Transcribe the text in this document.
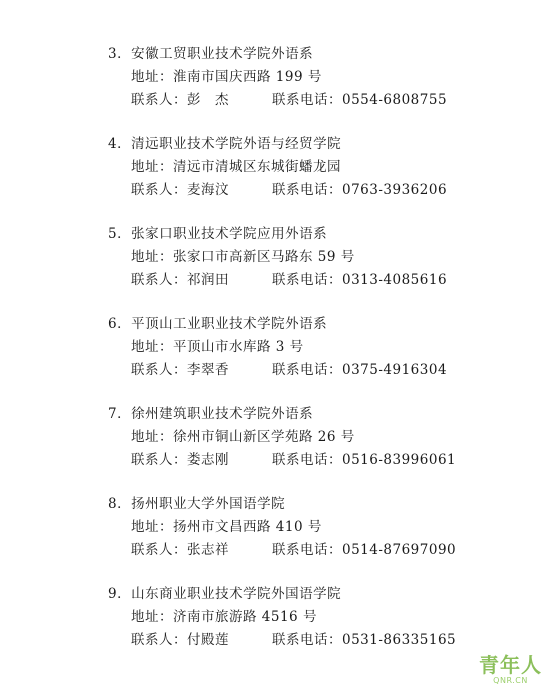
3．安徽工贸职业技术学院外语系
地址：淮南市国庆西路 199 号
联系人：彭　杰	联系电话：0554-6808755
4．清远职业技术学院外语与经贸学院
地址：清远市清城区东城街蟠龙园
联系人：麦海汶	联系电话：0763-3936206
5．张家口职业技术学院应用外语系
地址：张家口市高新区马路东 59 号
联系人：祁润田	联系电话：0313-4085616
6．平顶山工业职业技术学院外语系
地址：平顶山市水库路 3 号
联系人：李翠香	联系电话：0375-4916304
7．徐州建筑职业技术学院外语系
地址：徐州市铜山新区学苑路 26 号
联系人：娄志刚	联系电话：0516-83996061
8．扬州职业大学外国语学院
地址：扬州市文昌西路 410 号
联系人：张志祥	联系电话：0514-87697090
9．山东商业职业技术学院外国语学院
地址：济南市旅游路 4516 号
联系人：付殿莲	联系电话：0531-86335165
青年人
QNR.CN
